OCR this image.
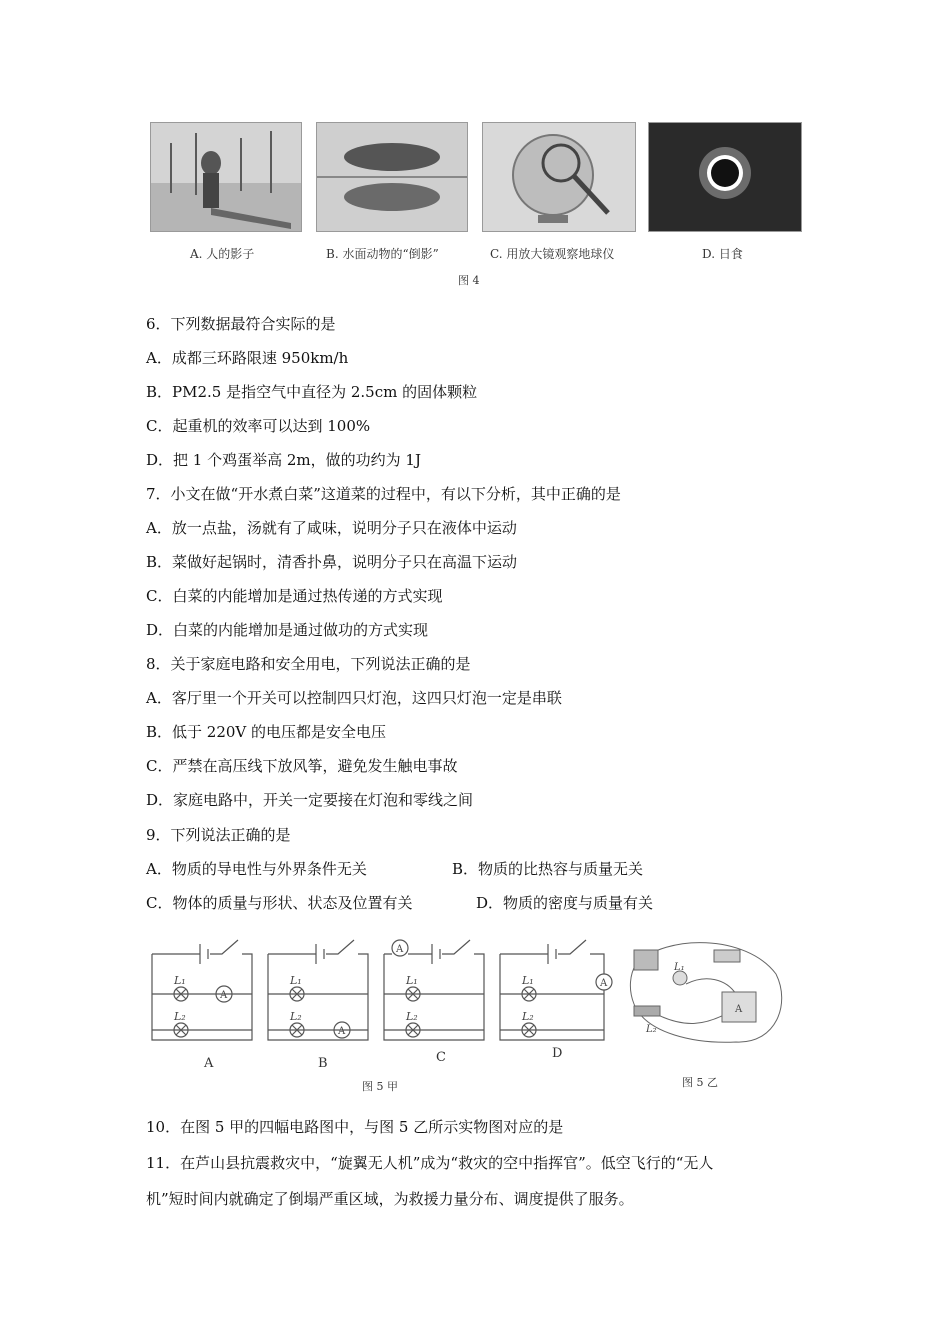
A. 人的影子	B. 水面动物的“倒影”	C. 用放大镜观察地球仪	D. 日食
图 4
6．下列数据最符合实际的是
A．成都三环路限速 950km/h
B．PM2.5 是指空气中直径为 2.5cm 的固体颗粒
C．起重机的效率可以达到 100%
D．把 1 个鸡蛋举高 2m，做的功约为 1J
7．小文在做“开水煮白菜”这道菜的过程中，有以下分析，其中正确的是
A．放一点盐，汤就有了咸味，说明分子只在液体中运动
B．菜做好起锅时，清香扑鼻，说明分子只在高温下运动
C．白菜的内能增加是通过热传递的方式实现
D．白菜的内能增加是通过做功的方式实现
8．关于家庭电路和安全用电，下列说法正确的是
A．客厅里一个开关可以控制四只灯泡，这四只灯泡一定是串联
B．低于 220V 的电压都是安全电压
C．严禁在高压线下放风筝，避免发生触电事故
D．家庭电路中，开关一定要接在灯泡和零线之间
9．下列说法正确的是
A．物质的导电性与外界条件无关	B．物质的比热容与质量无关
C．物体的质量与形状、状态及位置有关	D．物质的密度与质量有关
L₁
L₂
A
L₁
L₂
A
A
L₁
L₂
A
L₁
L₂
A	B	C	D
图 5 甲
L₁
L₂
A
图 5 乙
10．在图 5 甲的四幅电路图中，与图 5 乙所示实物图对应的是
11．在芦山县抗震救灾中，“旋翼无人机”成为“救灾的空中指挥官”。低空飞行的“无人
机”短时间内就确定了倒塌严重区域，为救援力量分布、调度提供了服务。
